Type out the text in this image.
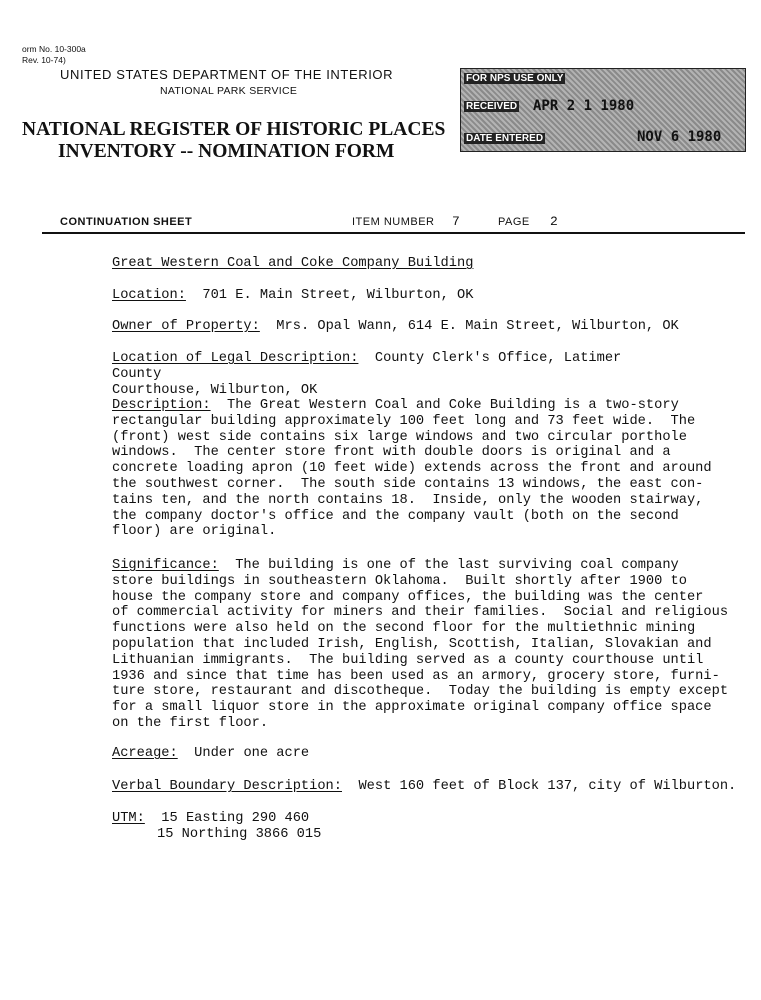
orm No. 10-300a
Rev. 10-74)
UNITED STATES DEPARTMENT OF THE INTERIOR
NATIONAL PARK SERVICE
NATIONAL REGISTER OF HISTORIC PLACES
INVENTORY -- NOMINATION FORM
FOR NPS USE ONLY
RECEIVED APR 2 1 1980
DATE ENTERED	NOV 6 1980
CONTINUATION SHEET	ITEM NUMBER 7	PAGE 2
Great Western Coal and Coke Company Building
Location: 701 E. Main Street, Wilburton, OK
Owner of Property: Mrs. Opal Wann, 614 E. Main Street, Wilburton, OK
Location of Legal Description: County Clerk's Office, Latimer County
Courthouse, Wilburton, OK
Description: The Great Western Coal and Coke Building is a two-story
rectangular building approximately 100 feet long and 73 feet wide.  The
(front) west side contains six large windows and two circular porthole
windows.  The center store front with double doors is original and a
concrete loading apron (10 feet wide) extends across the front and around
the southwest corner.  The south side contains 13 windows, the east con-
tains ten, and the north contains 18.  Inside, only the wooden stairway,
the company doctor's office and the company vault (both on the second
floor) are original.
Significance: The building is one of the last surviving coal company
store buildings in southeastern Oklahoma.  Built shortly after 1900 to
house the company store and company offices, the building was the center
of commercial activity for miners and their families.  Social and religious
functions were also held on the second floor for the multiethnic mining
population that included Irish, English, Scottish, Italian, Slovakian and
Lithuanian immigrants.  The building served as a county courthouse until
1936 and since that time has been used as an armory, grocery store, furni-
ture store, restaurant and discotheque.  Today the building is empty except
for a small liquor store in the approximate original company office space
on the first floor.
Acreage: Under one acre
Verbal Boundary Description: West 160 feet of Block 137, city of Wilburton.
UTM: 15 Easting 290 460
15 Northing 3866 015
